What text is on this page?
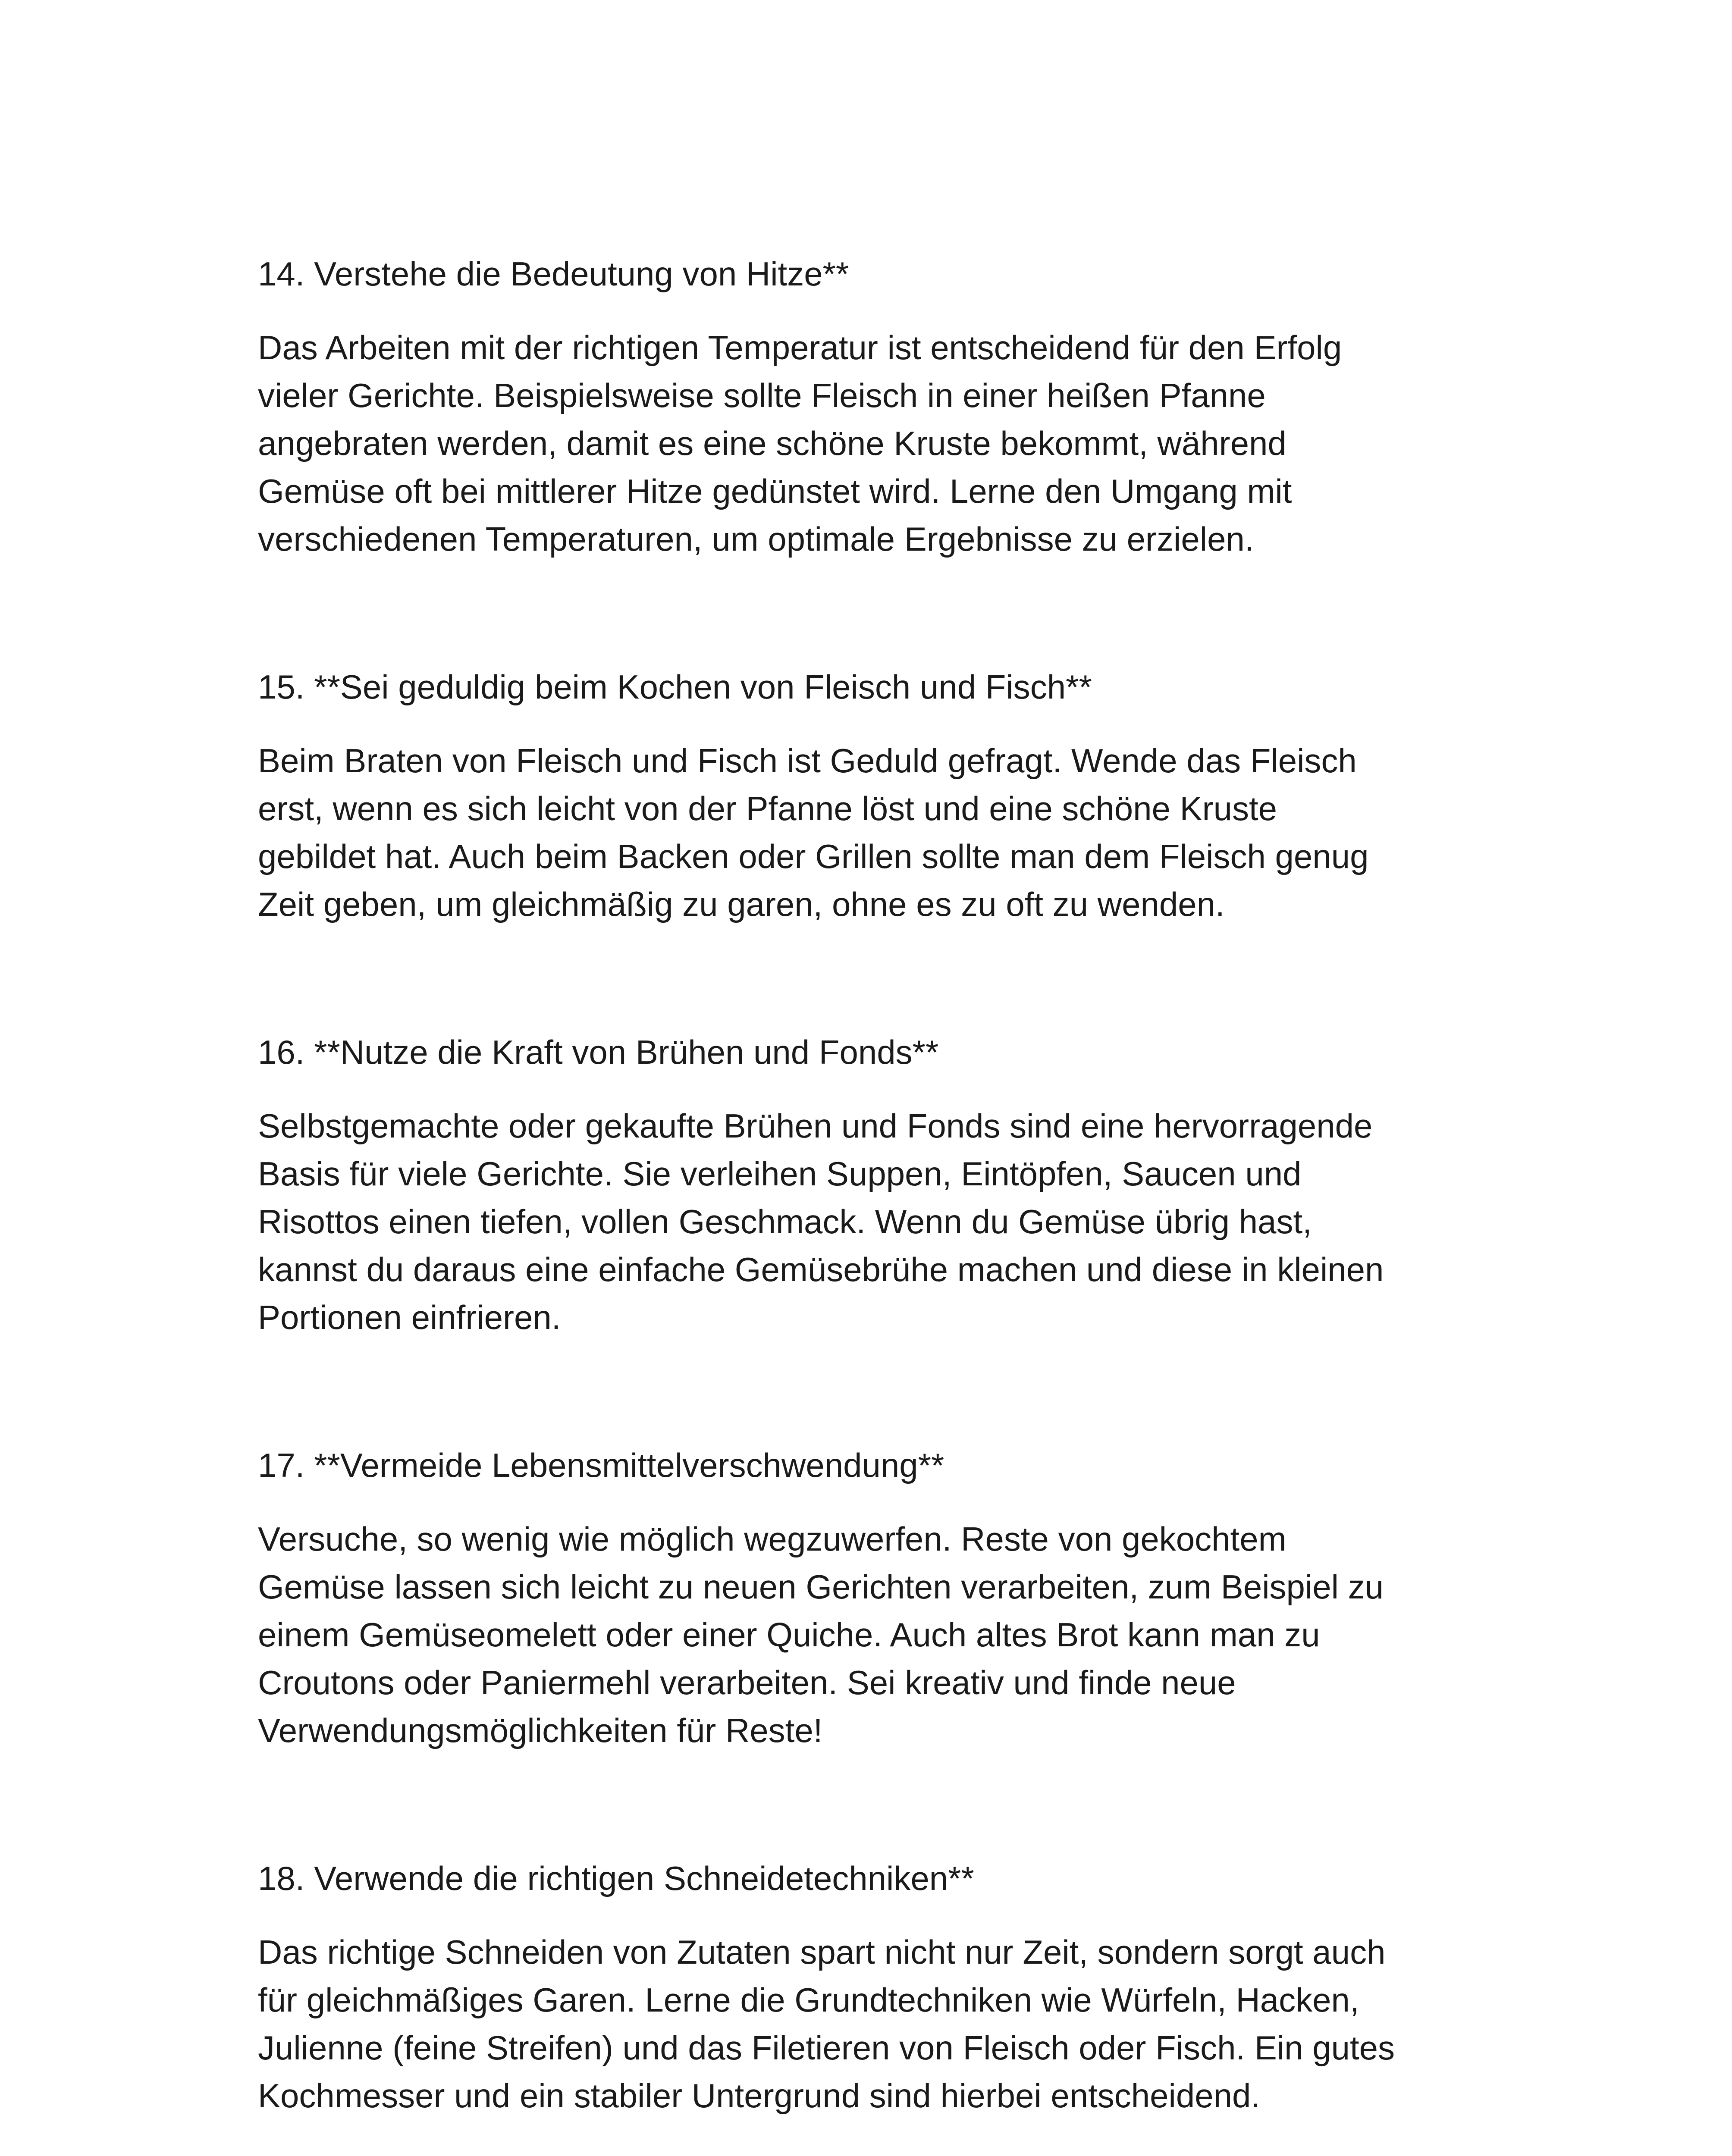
14. Verstehe die Bedeutung von Hitze**

Das Arbeiten mit der richtigen Temperatur ist entscheidend für den Erfolg
vieler Gerichte. Beispielsweise sollte Fleisch in einer heißen Pfanne
angebraten werden, damit es eine schöne Kruste bekommt, während
Gemüse oft bei mittlerer Hitze gedünstet wird. Lerne den Umgang mit
verschiedenen Temperaturen, um optimale Ergebnisse zu erzielen.

15. **Sei geduldig beim Kochen von Fleisch und Fisch**

Beim Braten von Fleisch und Fisch ist Geduld gefragt. Wende das Fleisch
erst, wenn es sich leicht von der Pfanne löst und eine schöne Kruste
gebildet hat. Auch beim Backen oder Grillen sollte man dem Fleisch genug
Zeit geben, um gleichmäßig zu garen, ohne es zu oft zu wenden.

16. **Nutze die Kraft von Brühen und Fonds**

Selbstgemachte oder gekaufte Brühen und Fonds sind eine hervorragende
Basis für viele Gerichte. Sie verleihen Suppen, Eintöpfen, Saucen und
Risottos einen tiefen, vollen Geschmack. Wenn du Gemüse übrig hast,
kannst du daraus eine einfache Gemüsebrühe machen und diese in kleinen
Portionen einfrieren.

17. **Vermeide Lebensmittelverschwendung**

Versuche, so wenig wie möglich wegzuwerfen. Reste von gekochtem
Gemüse lassen sich leicht zu neuen Gerichten verarbeiten, zum Beispiel zu
einem Gemüseomelett oder einer Quiche. Auch altes Brot kann man zu
Croutons oder Paniermehl verarbeiten. Sei kreativ und finde neue
Verwendungsmöglichkeiten für Reste!

18. Verwende die richtigen Schneidetechniken**

Das richtige Schneiden von Zutaten spart nicht nur Zeit, sondern sorgt auch
für gleichmäßiges Garen. Lerne die Grundtechniken wie Würfeln, Hacken,
Julienne (feine Streifen) und das Filetieren von Fleisch oder Fisch. Ein gutes
Kochmesser und ein stabiler Untergrund sind hierbei entscheidend.
